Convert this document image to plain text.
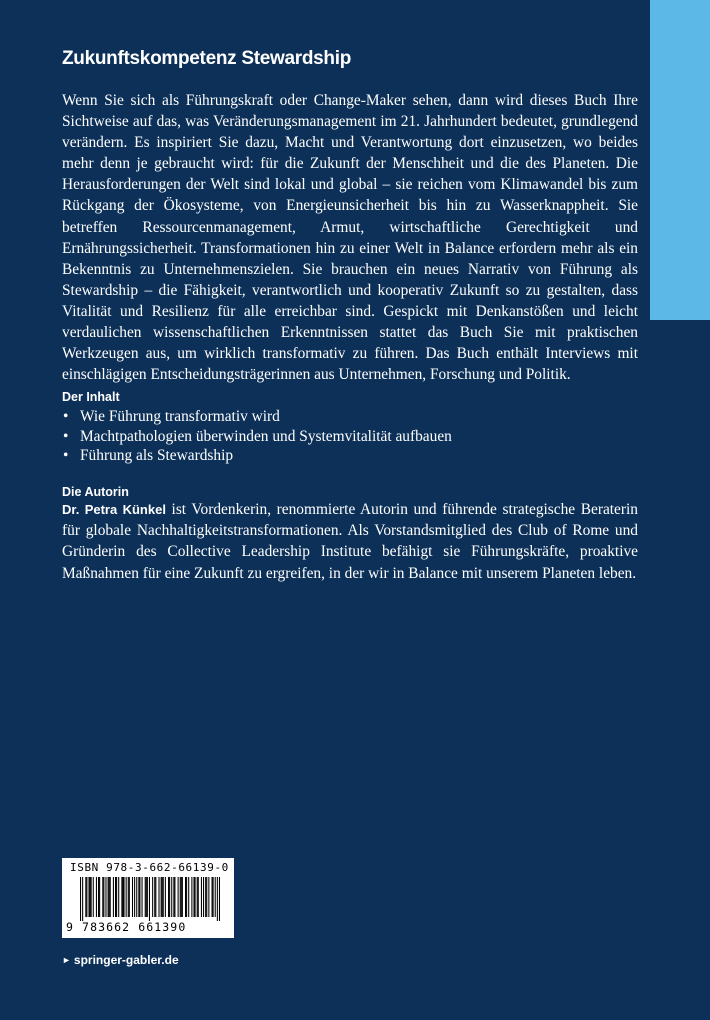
Zukunftskompetenz Stewardship

Wenn Sie sich als Führungskraft oder Change-Maker sehen, dann wird dieses Buch Ihre Sichtweise auf das, was Veränderungsmanagement im 21. Jahrhundert bedeutet, grundlegend verändern. Es inspiriert Sie dazu, Macht und Verantwortung dort einzusetzen, wo beides mehr denn je gebraucht wird: für die Zukunft der Menschheit und die des Planeten. Die Herausforderungen der Welt sind lokal und global – sie reichen vom Klimawandel bis zum Rückgang der Ökosysteme, von Energieunsicherheit bis hin zu Wasserknappheit. Sie betreffen Ressourcenmanagement, Armut, wirtschaftliche Gerechtigkeit und Ernährungssicherheit. Transformationen hin zu einer Welt in Balance erfordern mehr als ein Bekenntnis zu Unternehmenszielen. Sie brauchen ein neues Narrativ von Führung als Stewardship – die Fähigkeit, verantwortlich und kooperativ Zukunft so zu gestalten, dass Vitalität und Resilienz für alle erreichbar sind. Gespickt mit Denkanstößen und leicht verdaulichen wissenschaftlichen Erkenntnissen stattet das Buch Sie mit praktischen Werkzeugen aus, um wirklich transformativ zu führen. Das Buch enthält Interviews mit einschlägigen Entscheidungsträgerinnen aus Unternehmen, Forschung und Politik.

Der Inhalt
• Wie Führung transformativ wird
• Machtpathologien überwinden und Systemvitalität aufbauen
• Führung als Stewardship
Die Autorin

Dr. Petra Künkel ist Vordenkerin, renommierte Autorin und führende strategische Beraterin für globale Nachhaltigkeitstransformationen. Als Vorstandsmitglied des Club of Rome und Gründerin des Collective Leadership Institute befähigt sie Führungskräfte, proaktive Maßnahmen für eine Zukunft zu ergreifen, in der wir in Balance mit unserem Planeten leben.

ISBN 978-3-662-66139-0
9 783662 661390
► springer-gabler.de
